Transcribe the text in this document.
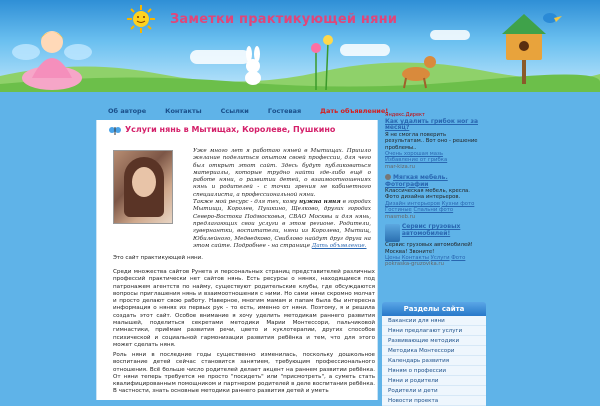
Заметки практикующей няни
Об авторе	Контакты	Ссылки	Гостевая	Дать объявление!
Услуги нянь в Мытищах, Королеве, Пушкино
Уже много лет я работаю няней в Мытищах. Пришло желание поделиться опытом своей профессии, для чего был открыт этот сайт. Здесь будут публиковаться материалы, которые трудно найти где-либо ещё о работе няни, о развитии детей, о взаимоотношениях нянь и родителей - с точки зрения не кабинетного специалиста, а профессиональной няни.
Также мой ресурс - для тех, кому нужна няня в городах Мытищи, Королев, Пушкино, Щелково, других городах Северо-Востока Подмосковья, СВАО Москвы и для нянь, предлагающих свои услуги в этом регионе. Родители, гувернантки, воспитатели, няни из Королева, Мытищ, Юбилейного, Медведково, Свиблово найдут друг друга на этом сайте. Подробнее - на странице Дать объявление.
Это сайт практикующей няни.
Среди множества сайтов Рунета и персональных страниц представителей различных профессий практически нет сайтов нянь. Есть ресурсы о нянях, находящиеся под патронажем агентств по найму, существуют родительские клубы, где обсуждаются вопросы приглашения нянь и взаимоотношения с ними. Но сами няни скромно молчат и просто делают свою работу. Наверное, многим мамам и папам была бы интересна информация о нянях из первых рук - то есть, именно от няни. Поэтому, я и решила создать этот сайт. Особое внимание я хочу уделить методикам раннего развития малышей, поделиться секретами методики Марии Монтессори, пальчиковой гимнастики, приёмам развития речи, цвето и куклотерапии, других способов психической и социальной гармонизации развития ребёнка и тем, что для этого может сделать няня.
Роль няни в последние годы существенно изменилась, поскольку дошкольное воспитание детей сейчас становится занятием, требующим профессионального отношения. Всё больше число родителей делает акцент на раннем развитии ребёнка. От няни теперь требуется не просто "посидеть" или "присмотреть", а суметь стать квалифицированным помощником и партнером родителей в деле воспитания ребёнка. В частности, знать основные методики раннего развития детей и уметь
Яндекс.Директ
Как удалить грибок ног за месяц?
Я не смогла поверить результатам.. Вот оно - решение проблемы..
Очень хорошая мазь
Избавление от грибка
mar-kiza.ru
Мягкая мебель. Фотографии
Классическая мебель, кресла. Фото дизайна интерьеров.
Дизайн интерьеров Кухни фото
Гостиные Спальни фото
masmeb.ru
Сервис грузовых автомобилей!
Сервис грузовых автомобилей! Москва! Звоните!
Цены Контакты Услуги Фото
pokraska-gruzovika.ru
Разделы сайта
Вакансии для няни
Няни предлагают услуги
Развивающие методики
Методика Монтессори
Календарь развития
Няням о профессии
Няни и родители
Родители и дети
Новости проекта
